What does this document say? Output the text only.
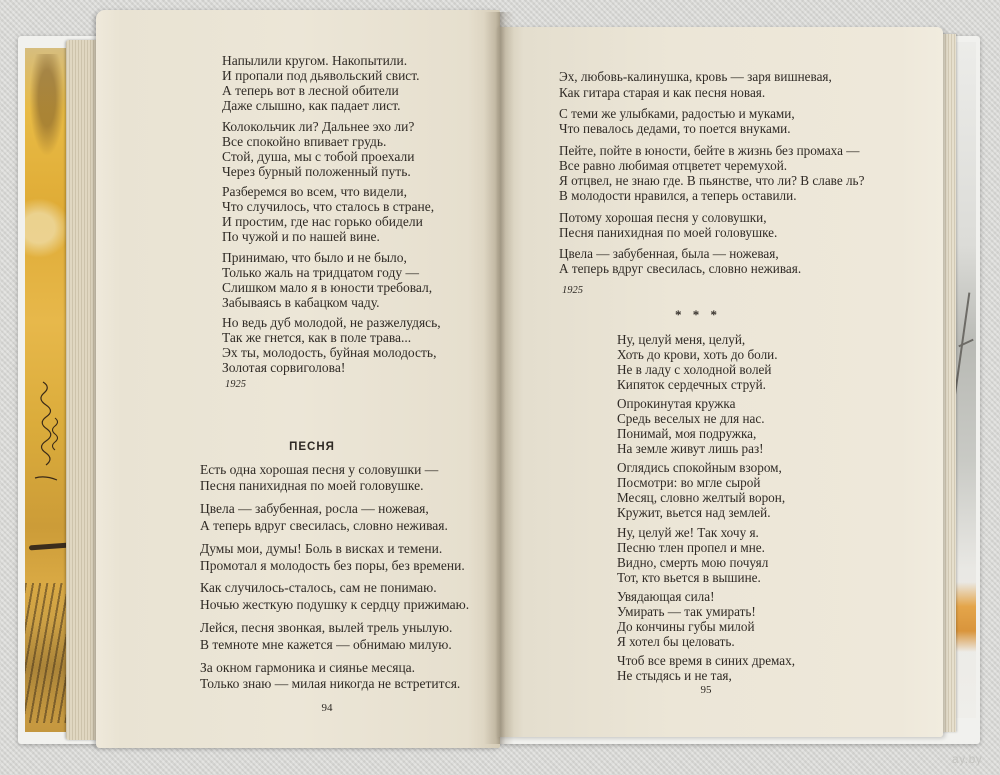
Напылили кругом. Накопытили.
И пропали под дьявольский свист.
А теперь вот в лесной обители
Даже слышно, как падает лист.
Колокольчик ли? Дальнее эхо ли?
Все спокойно впивает грудь.
Стой, душа, мы с тобой проехали
Через бурный положенный путь.
Разберемся во всем, что видели,
Что случилось, что сталось в стране,
И простим, где нас горько обидели
По чужой и по нашей вине.
Принимаю, что было и не было,
Только жаль на тридцатом году —
Слишком мало я в юности требовал,
Забываясь в кабацком чаду.
Но ведь дуб молодой, не разжелудясь,
Так же гнется, как в поле трава...
Эх ты, молодость, буйная молодость,
Золотая сорвиголова!
1925
ПЕСНЯ
Есть одна хорошая песня у соловушки —
Песня панихидная по моей головушке.
Цвела — забубенная, росла — ножевая,
А теперь вдруг свесилась, словно неживая.
Думы мои, думы! Боль в висках и темени.
Промотал я молодость без поры, без времени.
Как случилось-сталось, сам не понимаю.
Ночью жесткую подушку к сердцу прижимаю.
Лейся, песня звонкая, вылей трель унылую.
В темноте мне кажется — обнимаю милую.
За окном гармоника и сиянье месяца.
Только знаю — милая никогда не встретится.
94
Эх, любовь-калинушка, кровь — заря вишневая,
Как гитара старая и как песня новая.
С теми же улыбками, радостью и муками,
Что певалось дедами, то поется внуками.
Пейте, пойте в юности, бейте в жизнь без промаха —
Все равно любимая отцветет черемухой.
Я отцвел, не знаю где. В пьянстве, что ли? В славе ль?
В молодости нравился, а теперь оставили.
Потому хорошая песня у соловушки,
Песня панихидная по моей головушке.
Цвела — забубенная, была — ножевая,
А теперь вдруг свесилась, словно неживая.
1925
* * *
Ну, целуй меня, целуй,
Хоть до крови, хоть до боли.
Не в ладу с холодной волей
Кипяток сердечных струй.
Опрокинутая кружка
Средь веселых не для нас.
Понимай, моя подружка,
На земле живут лишь раз!
Оглядись спокойным взором,
Посмотри: во мгле сырой
Месяц, словно желтый ворон,
Кружит, вьется над землей.
Ну, целуй же! Так хочу я.
Песню тлен пропел и мне.
Видно, смерть мою почуял
Тот, кто вьется в вышине.
Увядающая сила!
Умирать — так умирать!
До кончины губы милой
Я хотел бы целовать.
Чтоб все время в синих дремах,
Не стыдясь и не тая,
95
ay.by
